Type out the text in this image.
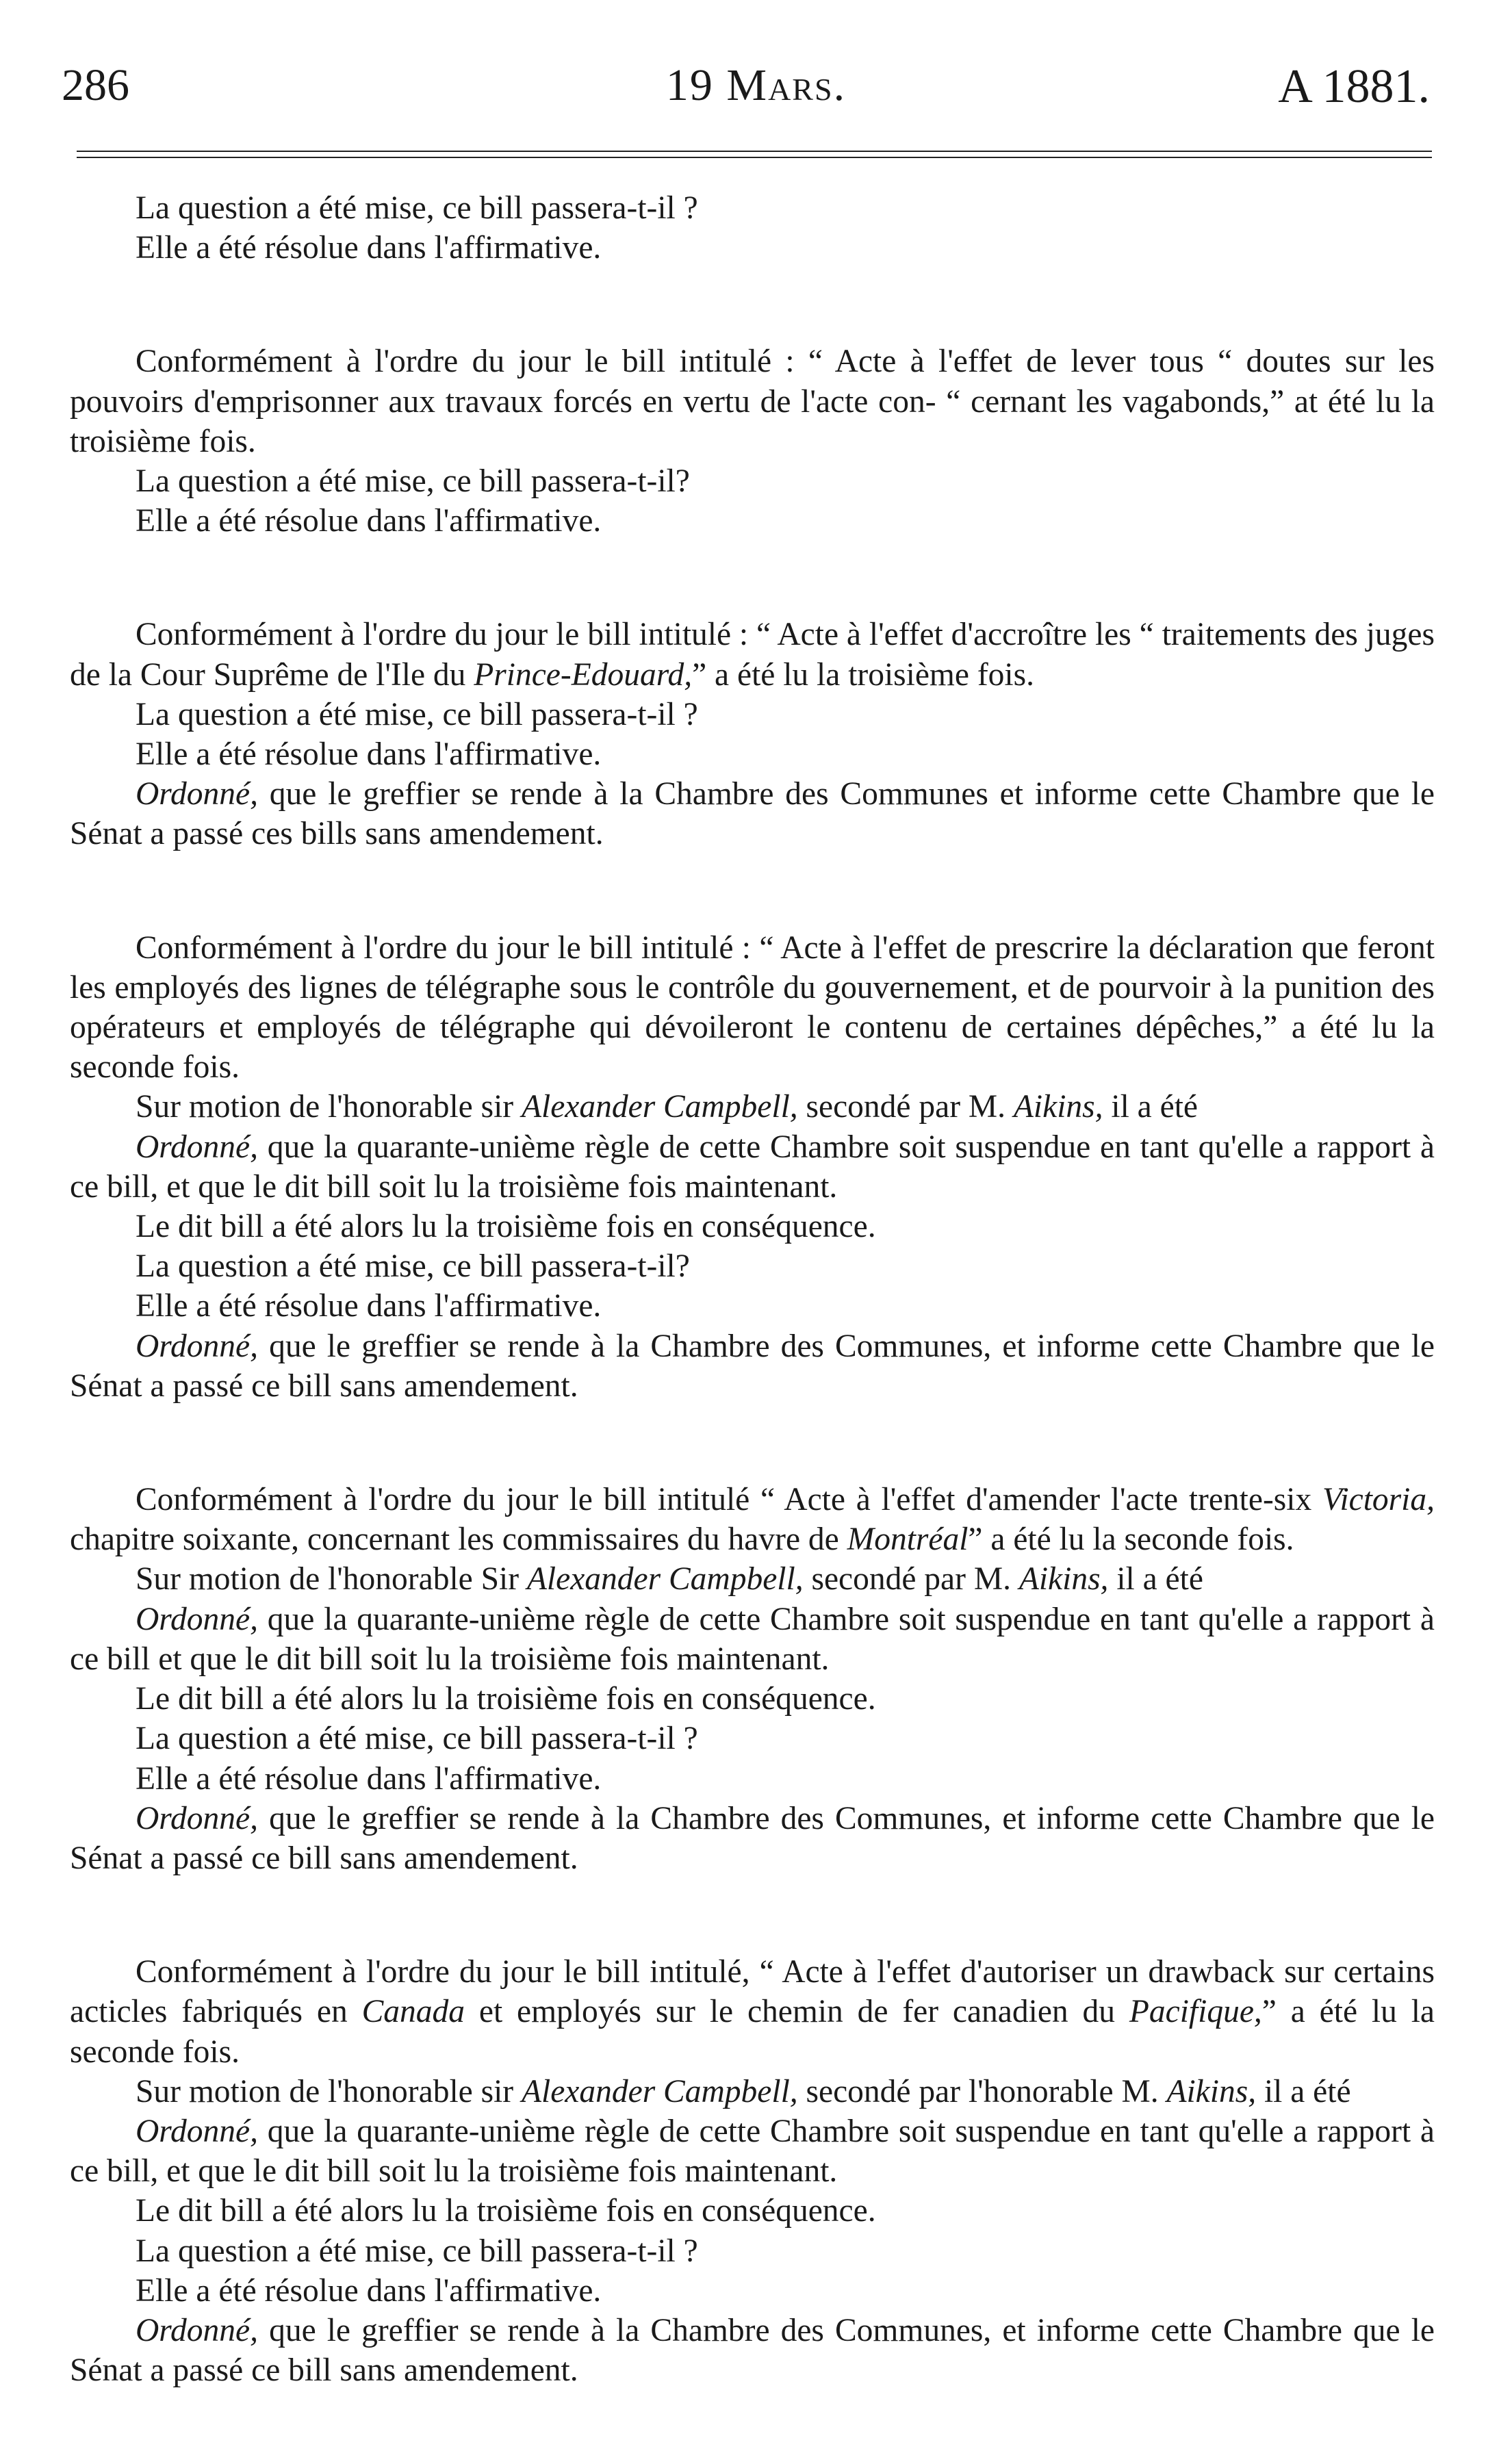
286	19 Mars.	A 1881.

La question a été mise, ce bill passera-t-il ?

Elle a été résolue dans l'affirmative.

Conformément à l'ordre du jour le bill intitulé : “ Acte à l'effet de lever tous “ doutes sur les pouvoirs d'emprisonner aux travaux forcés en vertu de l'acte con- “ cernant les vagabonds,” at été lu la troisième fois.

La question a été mise, ce bill passera-t-il?

Elle a été résolue dans l'affirmative.

Conformément à l'ordre du jour le bill intitulé : “ Acte à l'effet d'accroître les “ traitements des juges de la Cour Suprême de l'Ile du Prince-Edouard,” a été lu la troisième fois.

La question a été mise, ce bill passera-t-il ?

Elle a été résolue dans l'affirmative.

Ordonné, que le greffier se rende à la Chambre des Communes et informe cette Chambre que le Sénat a passé ces bills sans amendement.

Conformément à l'ordre du jour le bill intitulé : “ Acte à l'effet de prescrire la déclaration que feront les employés des lignes de télégraphe sous le contrôle du gouvernement, et de pourvoir à la punition des opérateurs et employés de télégraphe qui dévoileront le contenu de certaines dépêches,” a été lu la seconde fois.

Sur motion de l'honorable sir Alexander Campbell, secondé par M. Aikins, il a été

Ordonné, que la quarante-unième règle de cette Chambre soit suspendue en tant qu'elle a rapport à ce bill, et que le dit bill soit lu la troisième fois maintenant.

Le dit bill a été alors lu la troisième fois en conséquence.

La question a été mise, ce bill passera-t-il?

Elle a été résolue dans l'affirmative.

Ordonné, que le greffier se rende à la Chambre des Communes, et informe cette Chambre que le Sénat a passé ce bill sans amendement.

Conformément à l'ordre du jour le bill intitulé “ Acte à l'effet d'amender l'acte trente-six Victoria, chapitre soixante, concernant les commissaires du havre de Montréal” a été lu la seconde fois.

Sur motion de l'honorable Sir Alexander Campbell, secondé par M. Aikins, il a été

Ordonné, que la quarante-unième règle de cette Chambre soit suspendue en tant qu'elle a rapport à ce bill et que le dit bill soit lu la troisième fois maintenant.

Le dit bill a été alors lu la troisième fois en conséquence.

La question a été mise, ce bill passera-t-il ?

Elle a été résolue dans l'affirmative.

Ordonné, que le greffier se rende à la Chambre des Communes, et informe cette Chambre que le Sénat a passé ce bill sans amendement.

Conformément à l'ordre du jour le bill intitulé, “ Acte à l'effet d'autoriser un drawback sur certains acticles fabriqués en Canada et employés sur le chemin de fer canadien du Pacifique,” a été lu la seconde fois.

Sur motion de l'honorable sir Alexander Campbell, secondé par l'honorable M. Aikins, il a été

Ordonné, que la quarante-unième règle de cette Chambre soit suspendue en tant qu'elle a rapport à ce bill, et que le dit bill soit lu la troisième fois maintenant.

Le dit bill a été alors lu la troisième fois en conséquence.

La question a été mise, ce bill passera-t-il ?

Elle a été résolue dans l'affirmative.

Ordonné, que le greffier se rende à la Chambre des Communes, et informe cette Chambre que le Sénat a passé ce bill sans amendement.
